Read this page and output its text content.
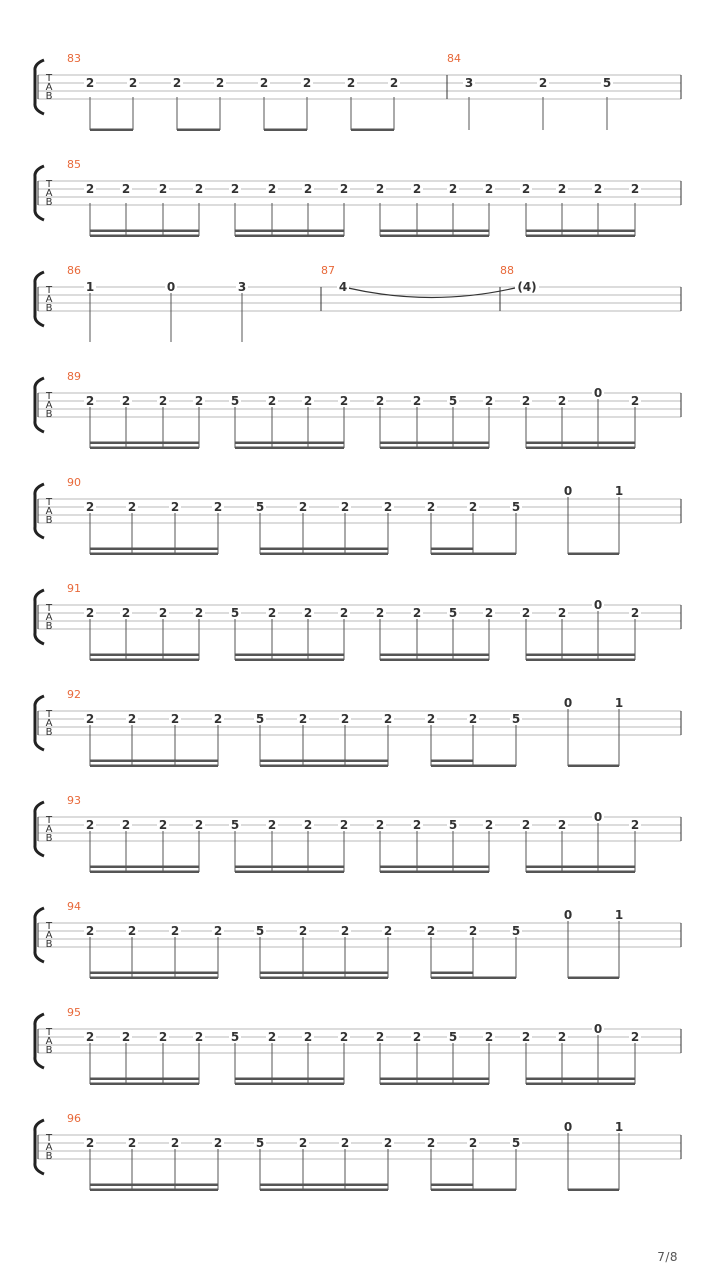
T
A
B
83
2	2	2	2	2	2	2	2
84
3	2	5
T
A
B
85
2 2 2 2 2 2 2 2 2 2 2 2 2 2 2 2
T
A
B
86
1	0	3
87
4
88
(4)
T
A
B
89
2 2 2 2 5 2 2 2 2 2 5 2 2 2
0
2
T
A
B
90
2	2	2	2	5	2	2	2	2	2	5
0	1
T
A
B
91
2 2 2 2 5 2 2 2 2 2 5 2 2 2
0
2
T
A
B
92
2	2	2	2	5	2	2	2	2	2	5
0	1
T
A
B
93
2 2 2 2 5 2 2 2 2 2 5 2 2 2
0
2
T
A
B
94
2	2	2	2	5	2	2	2	2	2	5
0	1
T
A
B
95
2 2 2 2 5 2 2 2 2 2 5 2 2 2
0
2
T
A
B
96
2	2	2	2	5	2	2	2	2	2	5
0	1
7/8
